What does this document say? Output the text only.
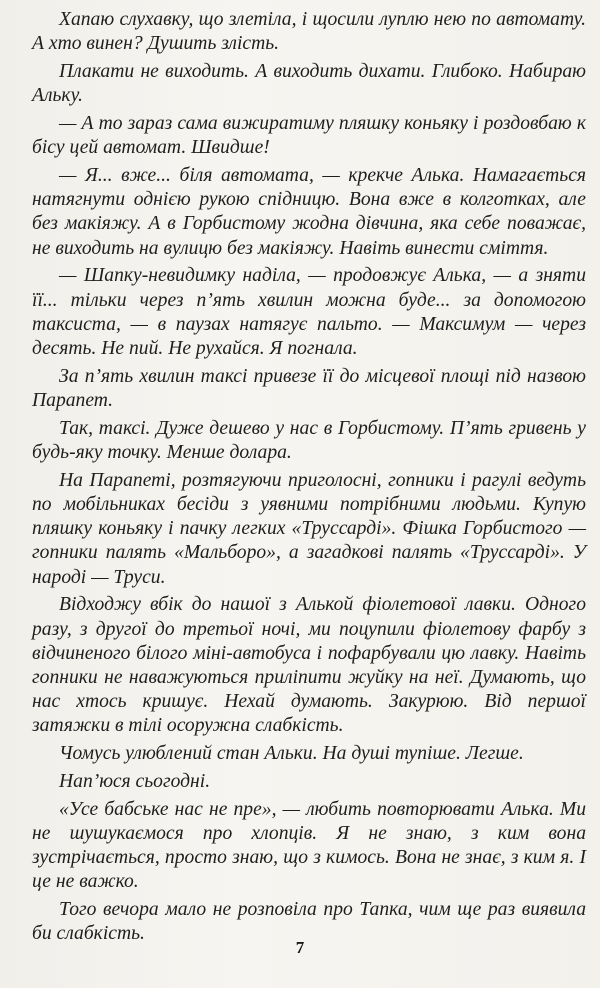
Хапаю слухавку, що злетіла, і щосили луплю нею по автомату. А хто винен? Душить злість.

Плакати не виходить. А виходить дихати. Глибоко. Набираю Альку.

— А то зараз сама вижиратиму пляшку коньяку і роздовбаю к бісу цей автомат. Швидше!

— Я... вже... біля автомата, — крекче Алька. Намагається натягнути однією рукою спідницю. Вона вже в колготках, але без макіяжу. А в Горбистому жодна дівчина, яка себе поважає, не виходить на вулицю без макіяжу. Навіть винести сміття.

— Шапку-невидимку наділа, — продовжує Алька, — а зняти її... тільки через п’ять хвилин можна буде... за допомогою таксиста, — в паузах натягує пальто. — Максимум — через десять. Не пий. Не рухайся. Я погнала.

За п’ять хвилин таксі привезе її до місцевої площі під назвою Парапет.

Так, таксі. Дуже дешево у нас в Горбистому. П’ять гривень у будь-яку точку. Менше долара.

На Парапеті, розтягуючи приголосні, гопники і рагулі ведуть по мобільниках бесіди з уявними потрібними людьми. Купую пляшку коньяку і пачку легких «Труссарді». Фішка Горбистого — гопники палять «Мальборо», а загадкові палять «Труссарді». У народі — Труси.

Відходжу вбік до нашої з Алькой фіолетової лавки. Одного разу, з другої до третьої ночі, ми поцупили фіолетову фарбу з відчиненого білого міні-автобуса і пофарбували цю лавку. Навіть гопники не наважуються приліпити жуйку на неї. Думають, що нас хтось кришує. Нехай думають. Закурюю. Від першої затяжки в тілі осоружна слабкість.

Чомусь улюблений стан Альки. На душі тупіше. Легше.

Нап’юся сьогодні.

«Усе бабське нас не пре», — любить повторювати Алька. Ми не шушукаємося про хлопців. Я не знаю, з ким вона зустрічається, просто знаю, що з кимось. Вона не знає, з ким я. І це не важко.

Того вечора мало не розповіла про Тапка, чим ще раз виявила би слабкість.

7
